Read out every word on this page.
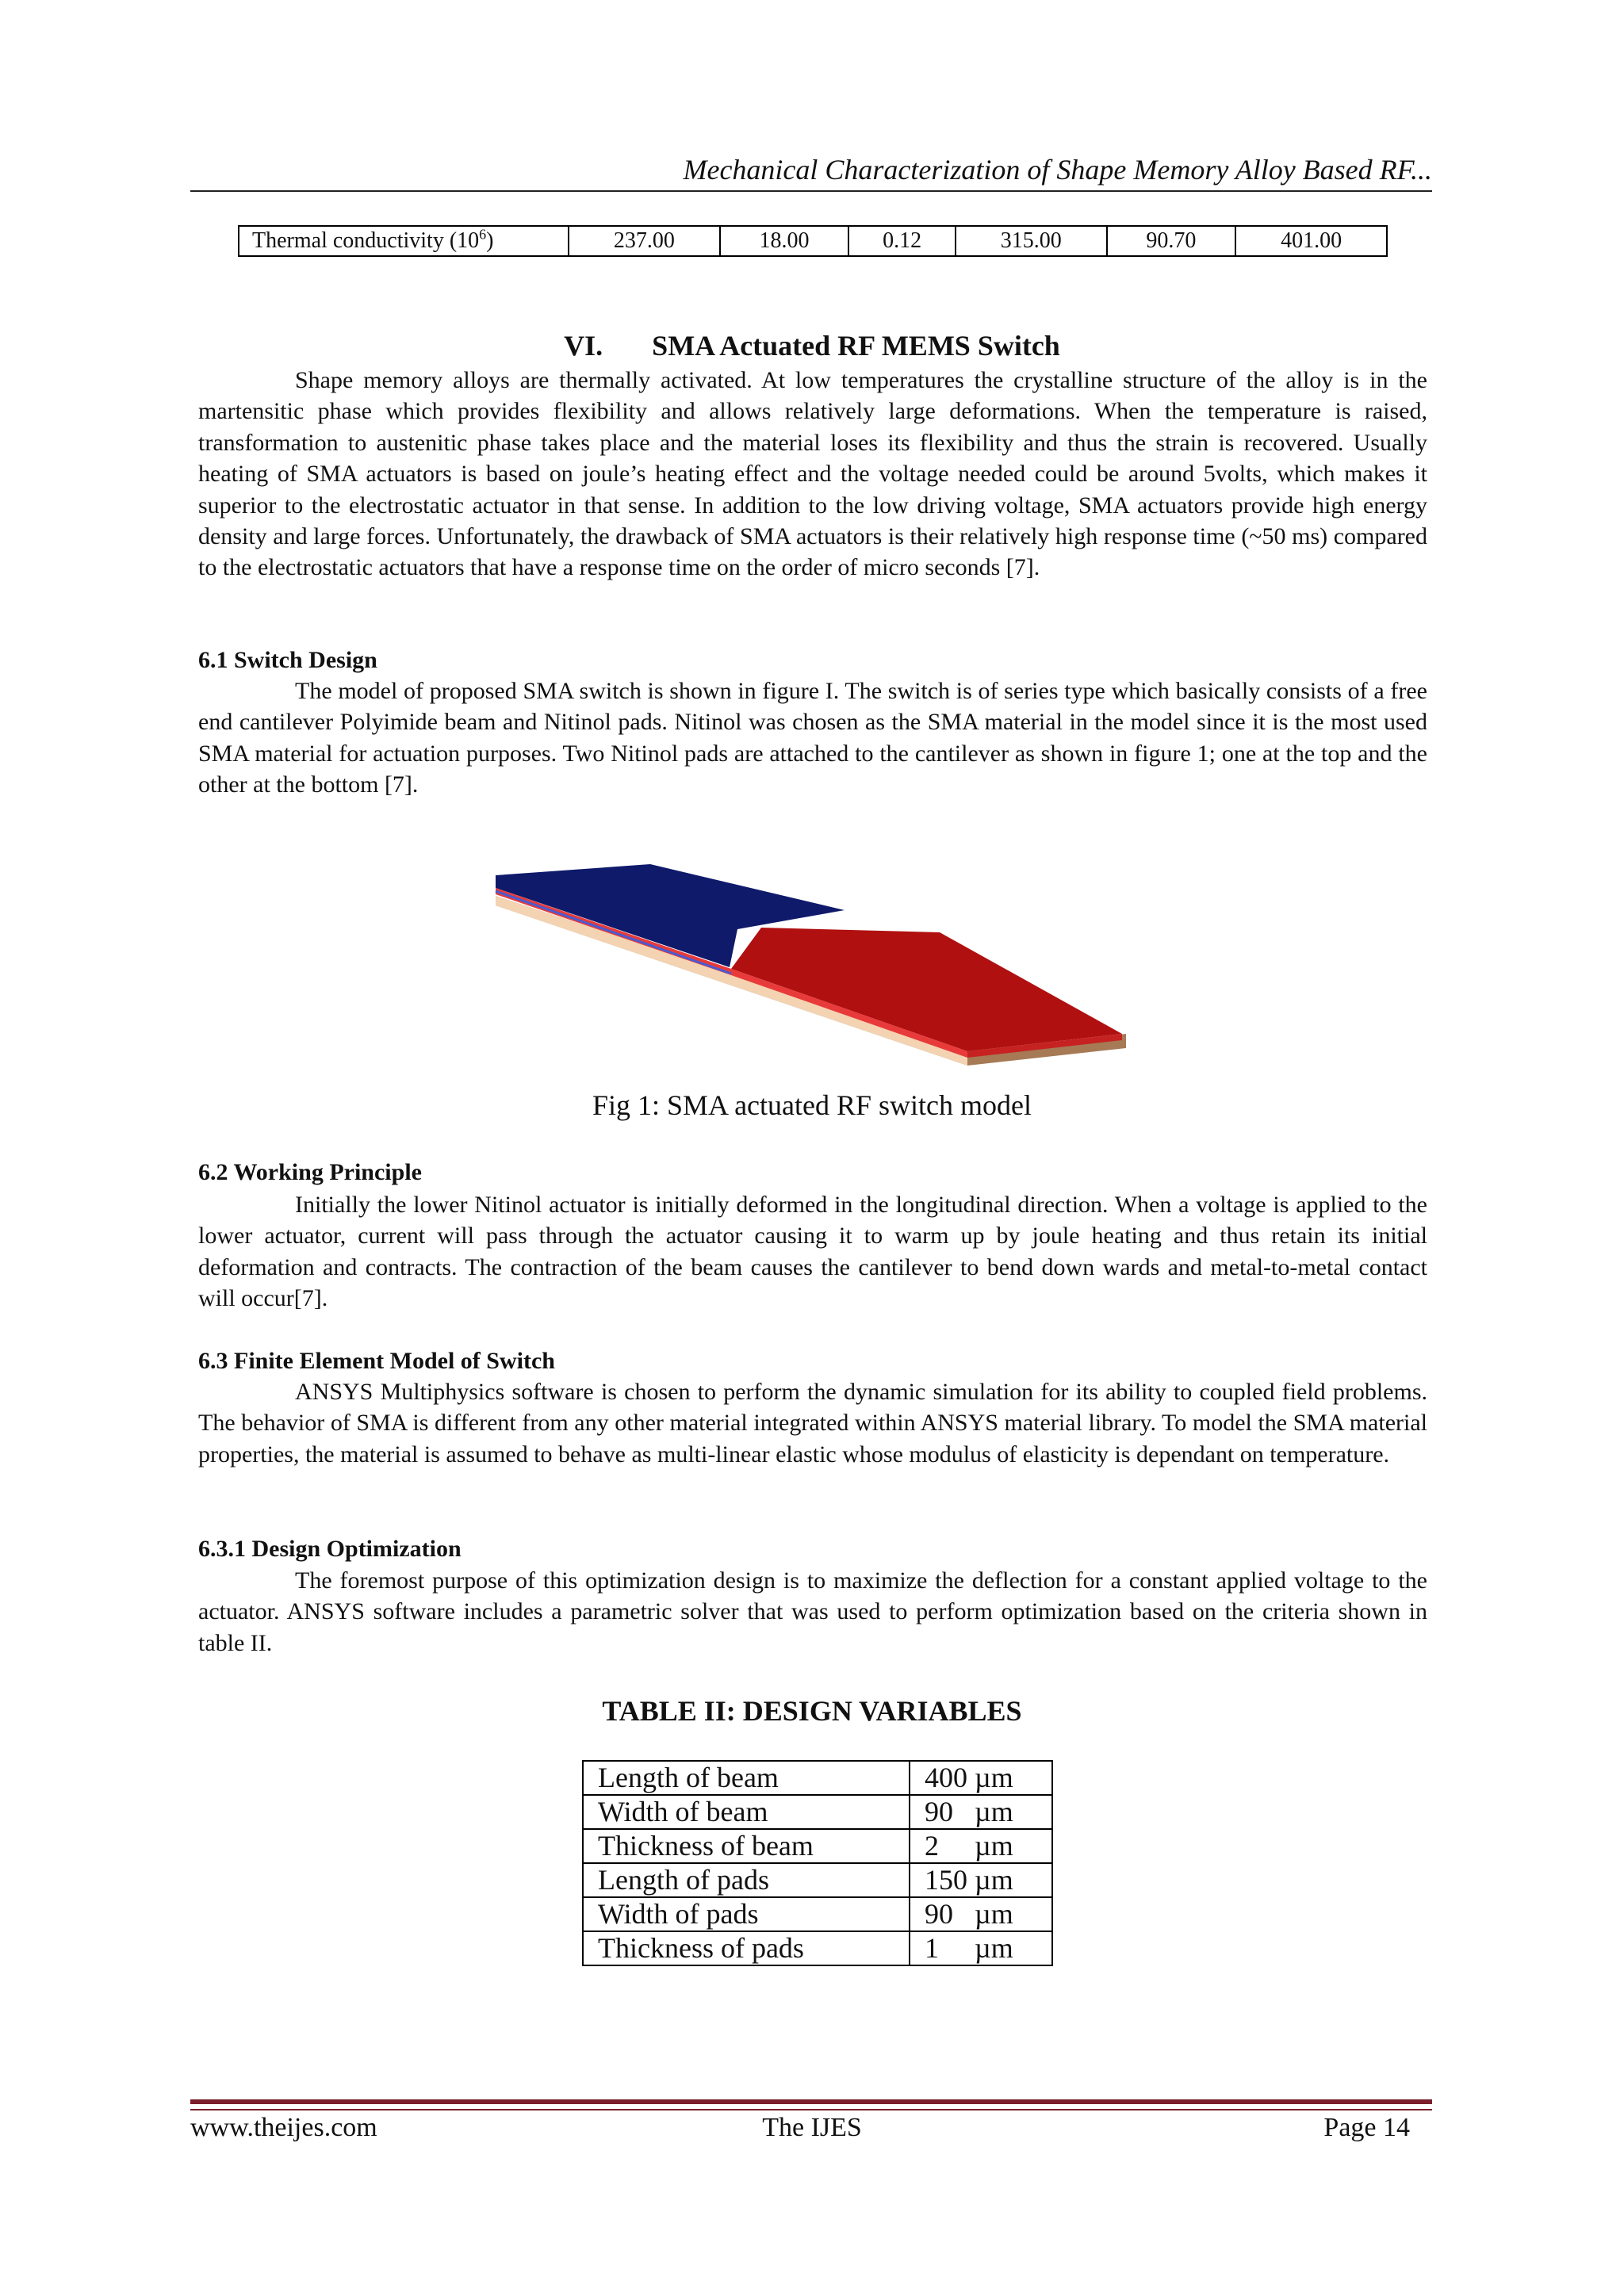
Mechanical Characterization of Shape Memory Alloy Based RF...
Thermal conductivity $(10^6)$	237.00	18.00	0.12	315.00	90.70	401.00
VI. SMA Actuated RF MEMS Switch
Shape memory alloys are thermally activated. At low temperatures the crystalline structure of the alloy is in the martensitic phase which provides flexibility and allows relatively large deformations. When the temperature is raised, transformation to austenitic phase takes place and the material loses its flexibility and thus the strain is recovered. Usually heating of SMA actuators is based on joule’s heating effect and the voltage needed could be around 5volts, which makes it superior to the electrostatic actuator in that sense. In addition to the low driving voltage, SMA actuators provide high energy density and large forces. Unfortunately, the drawback of SMA actuators is their relatively high response time (~50 ms) compared to the electrostatic actuators that have a response time on the order of micro seconds [7].
6.1 Switch Design
The model of proposed SMA switch is shown in figure I. The switch is of series type which basically consists of a free end cantilever Polyimide beam and Nitinol pads. Nitinol was chosen as the SMA material in the model since it is the most used SMA material for actuation purposes. Two Nitinol pads are attached to the cantilever as shown in figure 1; one at the top and the other at the bottom [7].
Fig 1: SMA actuated RF switch model
6.2 Working Principle
Initially the lower Nitinol actuator is initially deformed in the longitudinal direction. When a voltage is applied to the lower actuator, current will pass through the actuator causing it to warm up by joule heating and thus retain its initial deformation and contracts. The contraction of the beam causes the cantilever to bend down wards and metal-to-metal contact will occur[7].
6.3 Finite Element Model of Switch
ANSYS Multiphysics software is chosen to perform the dynamic simulation for its ability to coupled field problems. The behavior of SMA is different from any other material integrated within ANSYS material library. To model the SMA material properties, the material is assumed to behave as multi-linear elastic whose modulus of elasticity is dependant on temperature.
6.3.1 Design Optimization
The foremost purpose of this optimization design is to maximize the deflection for a constant applied voltage to the actuator. ANSYS software includes a parametric solver that was used to perform optimization based on the criteria shown in table II.
TABLE II: DESIGN VARIABLES
Length of beam	400 µm
Width of beam	90   µm
Thickness of beam	2     µm
Length of pads	150 µm
Width of pads	90   µm
Thickness of pads	1     µm
www.theijes.com	The IJES	Page 14
